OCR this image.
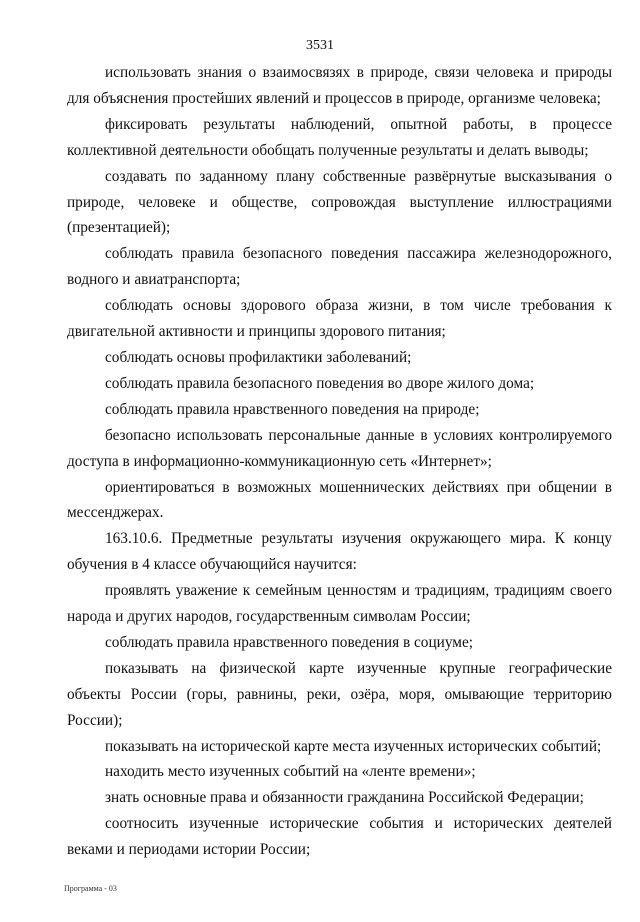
3531

использовать знания о взаимосвязях в природе, связи человека и природы для объяснения простейших явлений и процессов в природе, организме человека;

фиксировать результаты наблюдений, опытной работы, в процессе коллективной деятельности обобщать полученные результаты и делать выводы;

создавать по заданному плану собственные развёрнутые высказывания о природе, человеке и обществе, сопровождая выступление иллюстрациями (презентацией);

соблюдать правила безопасного поведения пассажира железнодорожного, водного и авиатранспорта;

соблюдать основы здорового образа жизни, в том числе требования к двигательной активности и принципы здорового питания;

соблюдать основы профилактики заболеваний;

соблюдать правила безопасного поведения во дворе жилого дома;

соблюдать правила нравственного поведения на природе;

безопасно использовать персональные данные в условиях контролируемого доступа в информационно-коммуникационную сеть «Интернет»;

ориентироваться в возможных мошеннических действиях при общении в мессенджерах.

163.10.6. Предметные результаты изучения окружающего мира. К концу обучения в 4 классе обучающийся научится:

проявлять уважение к семейным ценностям и традициям, традициям своего народа и других народов, государственным символам России;

соблюдать правила нравственного поведения в социуме;

показывать на физической карте изученные крупные географические объекты России (горы, равнины, реки, озёра, моря, омывающие территорию России);

показывать на исторической карте места изученных исторических событий;

находить место изученных событий на «ленте времени»;

знать основные права и обязанности гражданина Российской Федерации;

соотносить изученные исторические события и исторических деятелей веками и периодами истории России;

Программа - 03
